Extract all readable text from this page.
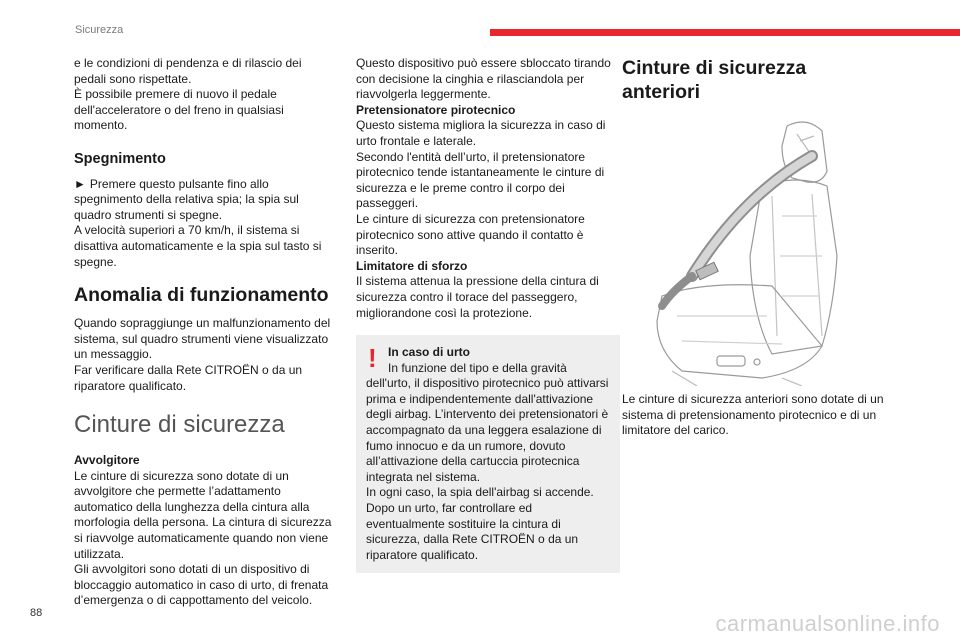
Sicurezza

e le condizioni di pendenza e di rilascio dei pedali sono rispettate.

È possibile premere di nuovo il pedale dell'acceleratore o del freno in qualsiasi momento.

Spegnimento

► Premere questo pulsante fino allo spegnimento della relativa spia; la spia sul quadro strumenti si spegne.

A velocità superiori a 70 km/h, il sistema si disattiva automaticamente e la spia sul tasto si spegne.

Anomalia di funzionamento

Quando sopraggiunge un malfunzionamento del sistema, sul quadro strumenti viene visualizzato un messaggio.

Far verificare dalla Rete CITROËN o da un riparatore qualificato.

Cinture di sicurezza

Avvolgitore

Le cinture di sicurezza sono dotate di un avvolgitore che permette l’adattamento automatico della lunghezza della cintura alla morfologia della persona. La cintura di sicurezza si riavvolge automaticamente quando non viene utilizzata.

Gli avvolgitori sono dotati di un dispositivo di bloccaggio automatico in caso di urto, di frenata d’emergenza o di cappottamento del veicolo.

Questo dispositivo può essere sbloccato tirando con decisione la cinghia e rilasciandola per riavvolgerla leggermente.

Pretensionatore pirotecnico

Questo sistema migliora la sicurezza in caso di urto frontale e laterale.

Secondo l'entità dell’urto, il pretensionatore pirotecnico tende istantaneamente le cinture di sicurezza e le preme contro il corpo dei passeggeri.

Le cinture di sicurezza con pretensionatore pirotecnico sono attive quando il contatto è inserito.

Limitatore di sforzo

Il sistema attenua la pressione della cintura di sicurezza contro il torace del passeggero, migliorandone così la protezione.

! In caso di urto

In funzione del tipo e della gravità

dell'urto, il dispositivo pirotecnico può attivarsi prima e indipendentemente dall'attivazione degli airbag. L’intervento dei pretensionatori è accompagnato da una leggera esalazione di fumo innocuo e da un rumore, dovuto all’attivazione della cartuccia pirotecnica integrata nel sistema.

In ogni caso, la spia dell'airbag si accende.

Dopo un urto, far controllare ed eventualmente sostituire la cintura di sicurezza, dalla Rete CITROËN o da un riparatore qualificato.

Cinture di sicurezza anteriori

Le cinture di sicurezza anteriori sono dotate di un sistema di pretensionamento pirotecnico e di un limitatore del carico.

88	carmanualsonline.info
